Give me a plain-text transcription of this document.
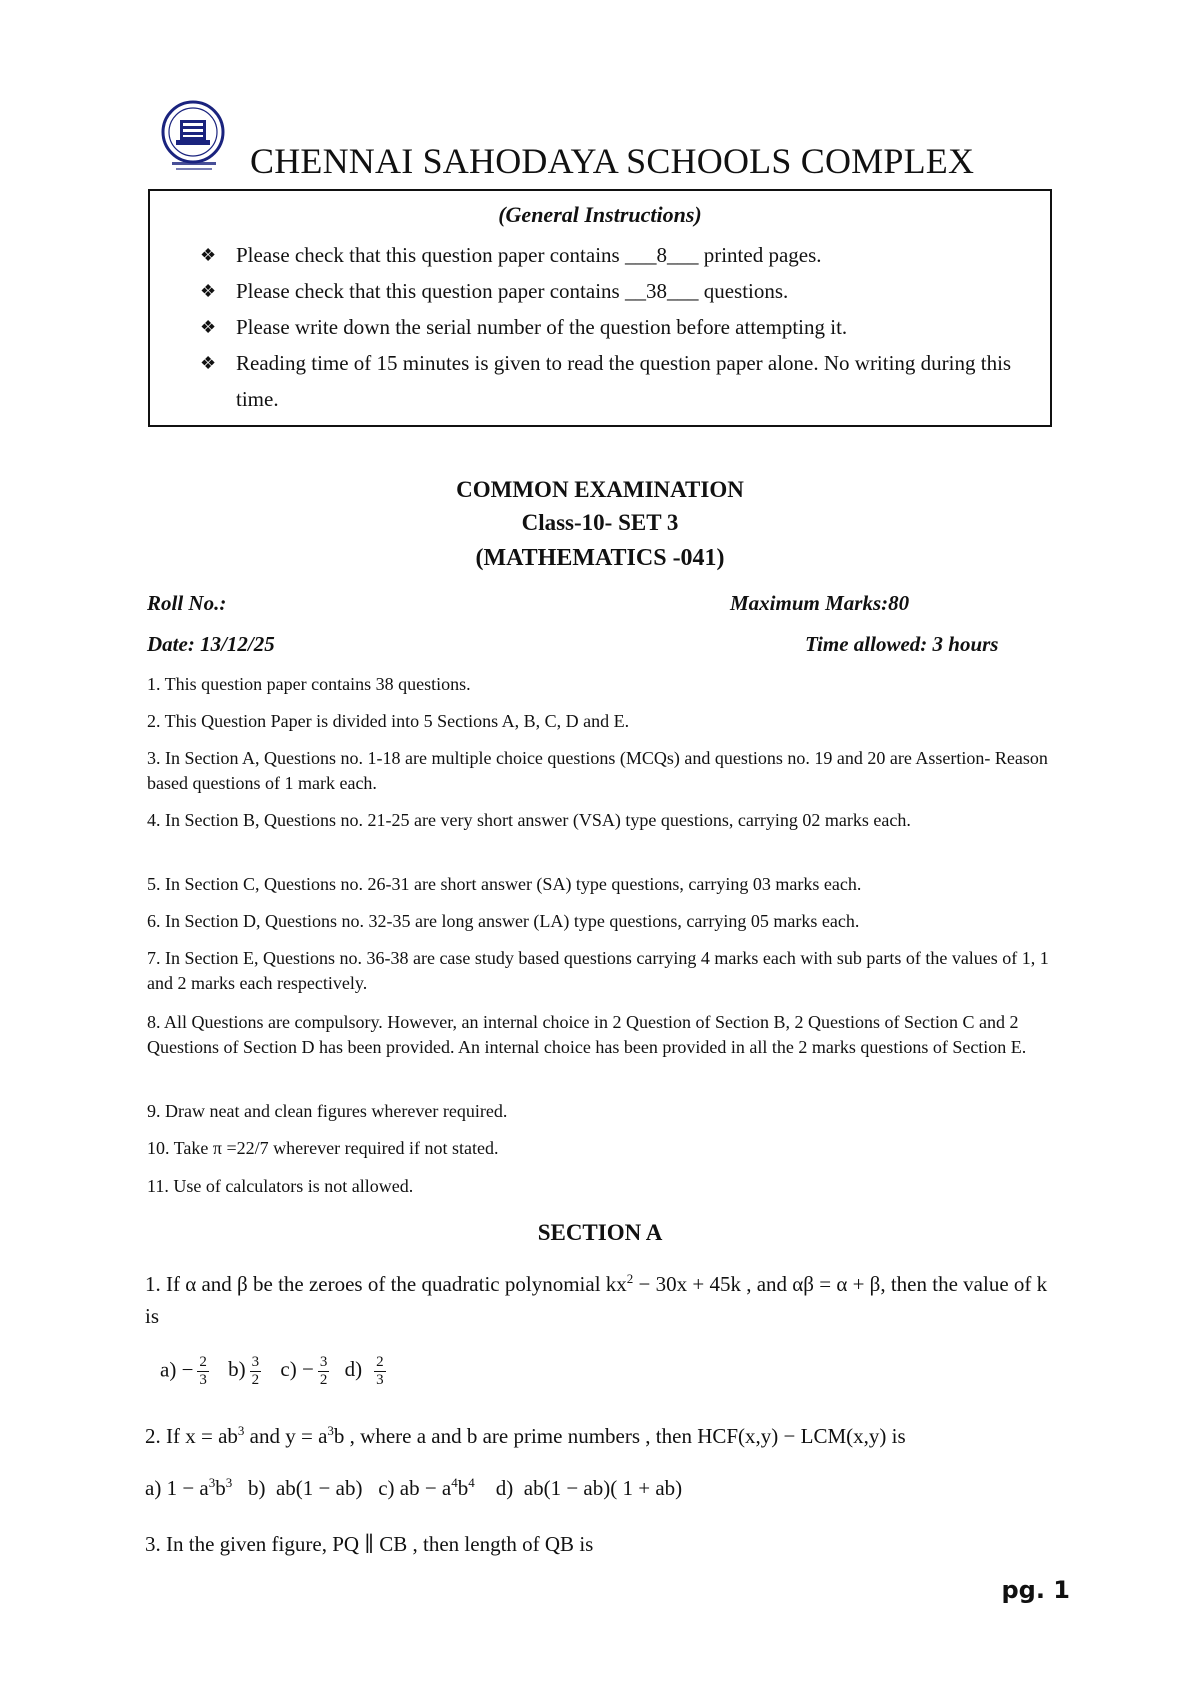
CHENNAI SAHODAYA SCHOOLS COMPLEX
(General Instructions)
❖ Please check that this question paper contains ___8___ printed pages.
❖ Please check that this question paper contains __38___ questions.
❖ Please write down the serial number of the question before attempting it.
❖ Reading time of 15 minutes is given to read the question paper alone. No writing during this time.
COMMON EXAMINATION
Class-10- SET 3
(MATHEMATICS -041)
Roll No.:	Maximum Marks:80
Date: 13/12/25	Time allowed: 3 hours
1. This question paper contains 38 questions.
2. This Question Paper is divided into 5 Sections A, B, C, D and E.
3. In Section A, Questions no. 1-18 are multiple choice questions (MCQs) and questions no. 19 and 20 are Assertion- Reason based questions of 1 mark each.
4. In Section B, Questions no. 21-25 are very short answer (VSA) type questions, carrying 02 marks each.
5. In Section C, Questions no. 26-31 are short answer (SA) type questions, carrying 03 marks each.
6. In Section D, Questions no. 32-35 are long answer (LA) type questions, carrying 05 marks each.
7. In Section E, Questions no. 36-38 are case study based questions carrying 4 marks each with sub parts of the values of 1, 1 and 2 marks each respectively.
8. All Questions are compulsory. However, an internal choice in 2 Question of Section B, 2 Questions of Section C and 2 Questions of Section D has been provided. An internal choice has been provided in all the 2 marks questions of Section E.
9. Draw neat and clean figures wherever required.
10. Take π =22/7 wherever required if not stated.
11. Use of calculators is not allowed.
SECTION A
1. If α and β be the zeroes of the quadratic polynomial $kx^2 - 30x + 45k$ , and αβ = α + β, then the value of k is
$a) - \frac{2}{3} b) \frac{3}{2} c) - \frac{3}{2} d) \frac{2}{3}$
2. If $x = ab^3$ and $y = a^3b$ , where a and b are prime numbers , then HCF(x,y) − LCM(x,y) is
a) $1 - a^3b^3$   b)  ab(1 − ab)   c) ab − $a^4b^4$    d)  ab(1 − ab)( 1 + ab)
3. In the given figure, PQ ∥ CB , then length of QB is
pg. 1
